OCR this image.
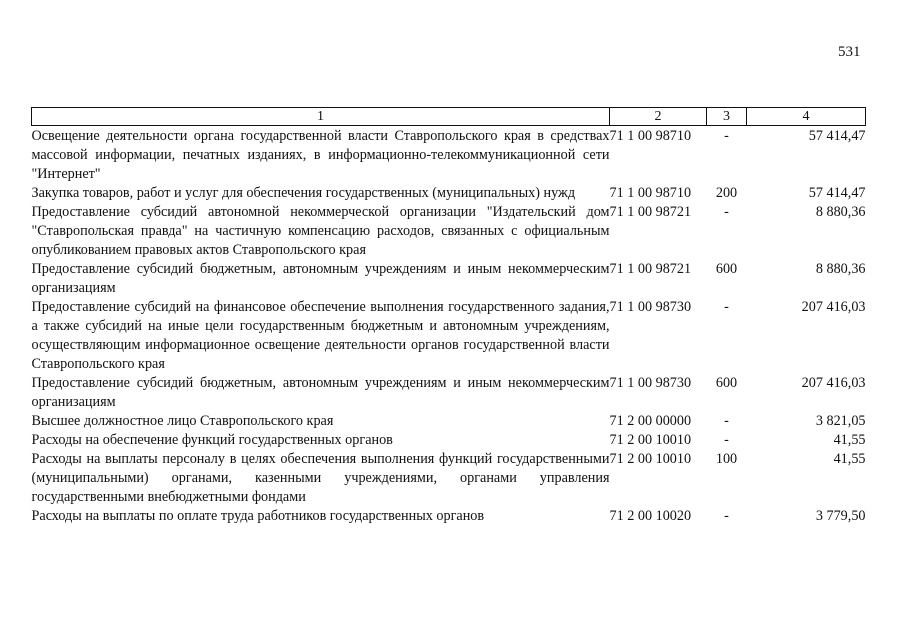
531
1	2	3	4

Освещение деятельности органа государственной власти Ставропольского края в средствах массовой информации, печатных изданиях, в информационно-телекоммуникационной сети "Интернет"	71 1 00 98710	-	57 414,47
Закупка товаров, работ и услуг для обеспечения государственных (муниципальных) нужд	71 1 00 98710	200	57 414,47
Предоставление субсидий автономной некоммерческой организации "Издательский дом "Ставропольская правда" на частичную компенсацию расходов, связанных с официальным опубликованием правовых актов Ставропольского края	71 1 00 98721	-	8 880,36
Предоставление субсидий бюджетным, автономным учреждениям и иным некоммерческим организациям	71 1 00 98721	600	8 880,36
Предоставление субсидий на финансовое обеспечение выполнения государственного задания, а также субсидий на иные цели государственным бюджетным и автономным учреждениям, осуществляющим информационное освещение деятельности органов государственной власти Ставропольского края	71 1 00 98730	-	207 416,03
Предоставление субсидий бюджетным, автономным учреждениям и иным некоммерческим организациям	71 1 00 98730	600	207 416,03
Высшее должностное лицо Ставропольского края	71 2 00 00000	-	3 821,05
Расходы на обеспечение функций государственных органов	71 2 00 10010	-	41,55
Расходы на выплаты персоналу в целях обеспечения выполнения функций государственными (муниципальными) органами, казенными учреждениями, органами управления государственными внебюджетными фондами	71 2 00 10010	100	41,55
Расходы на выплаты по оплате труда работников государственных органов	71 2 00 10020	-	3 779,50
